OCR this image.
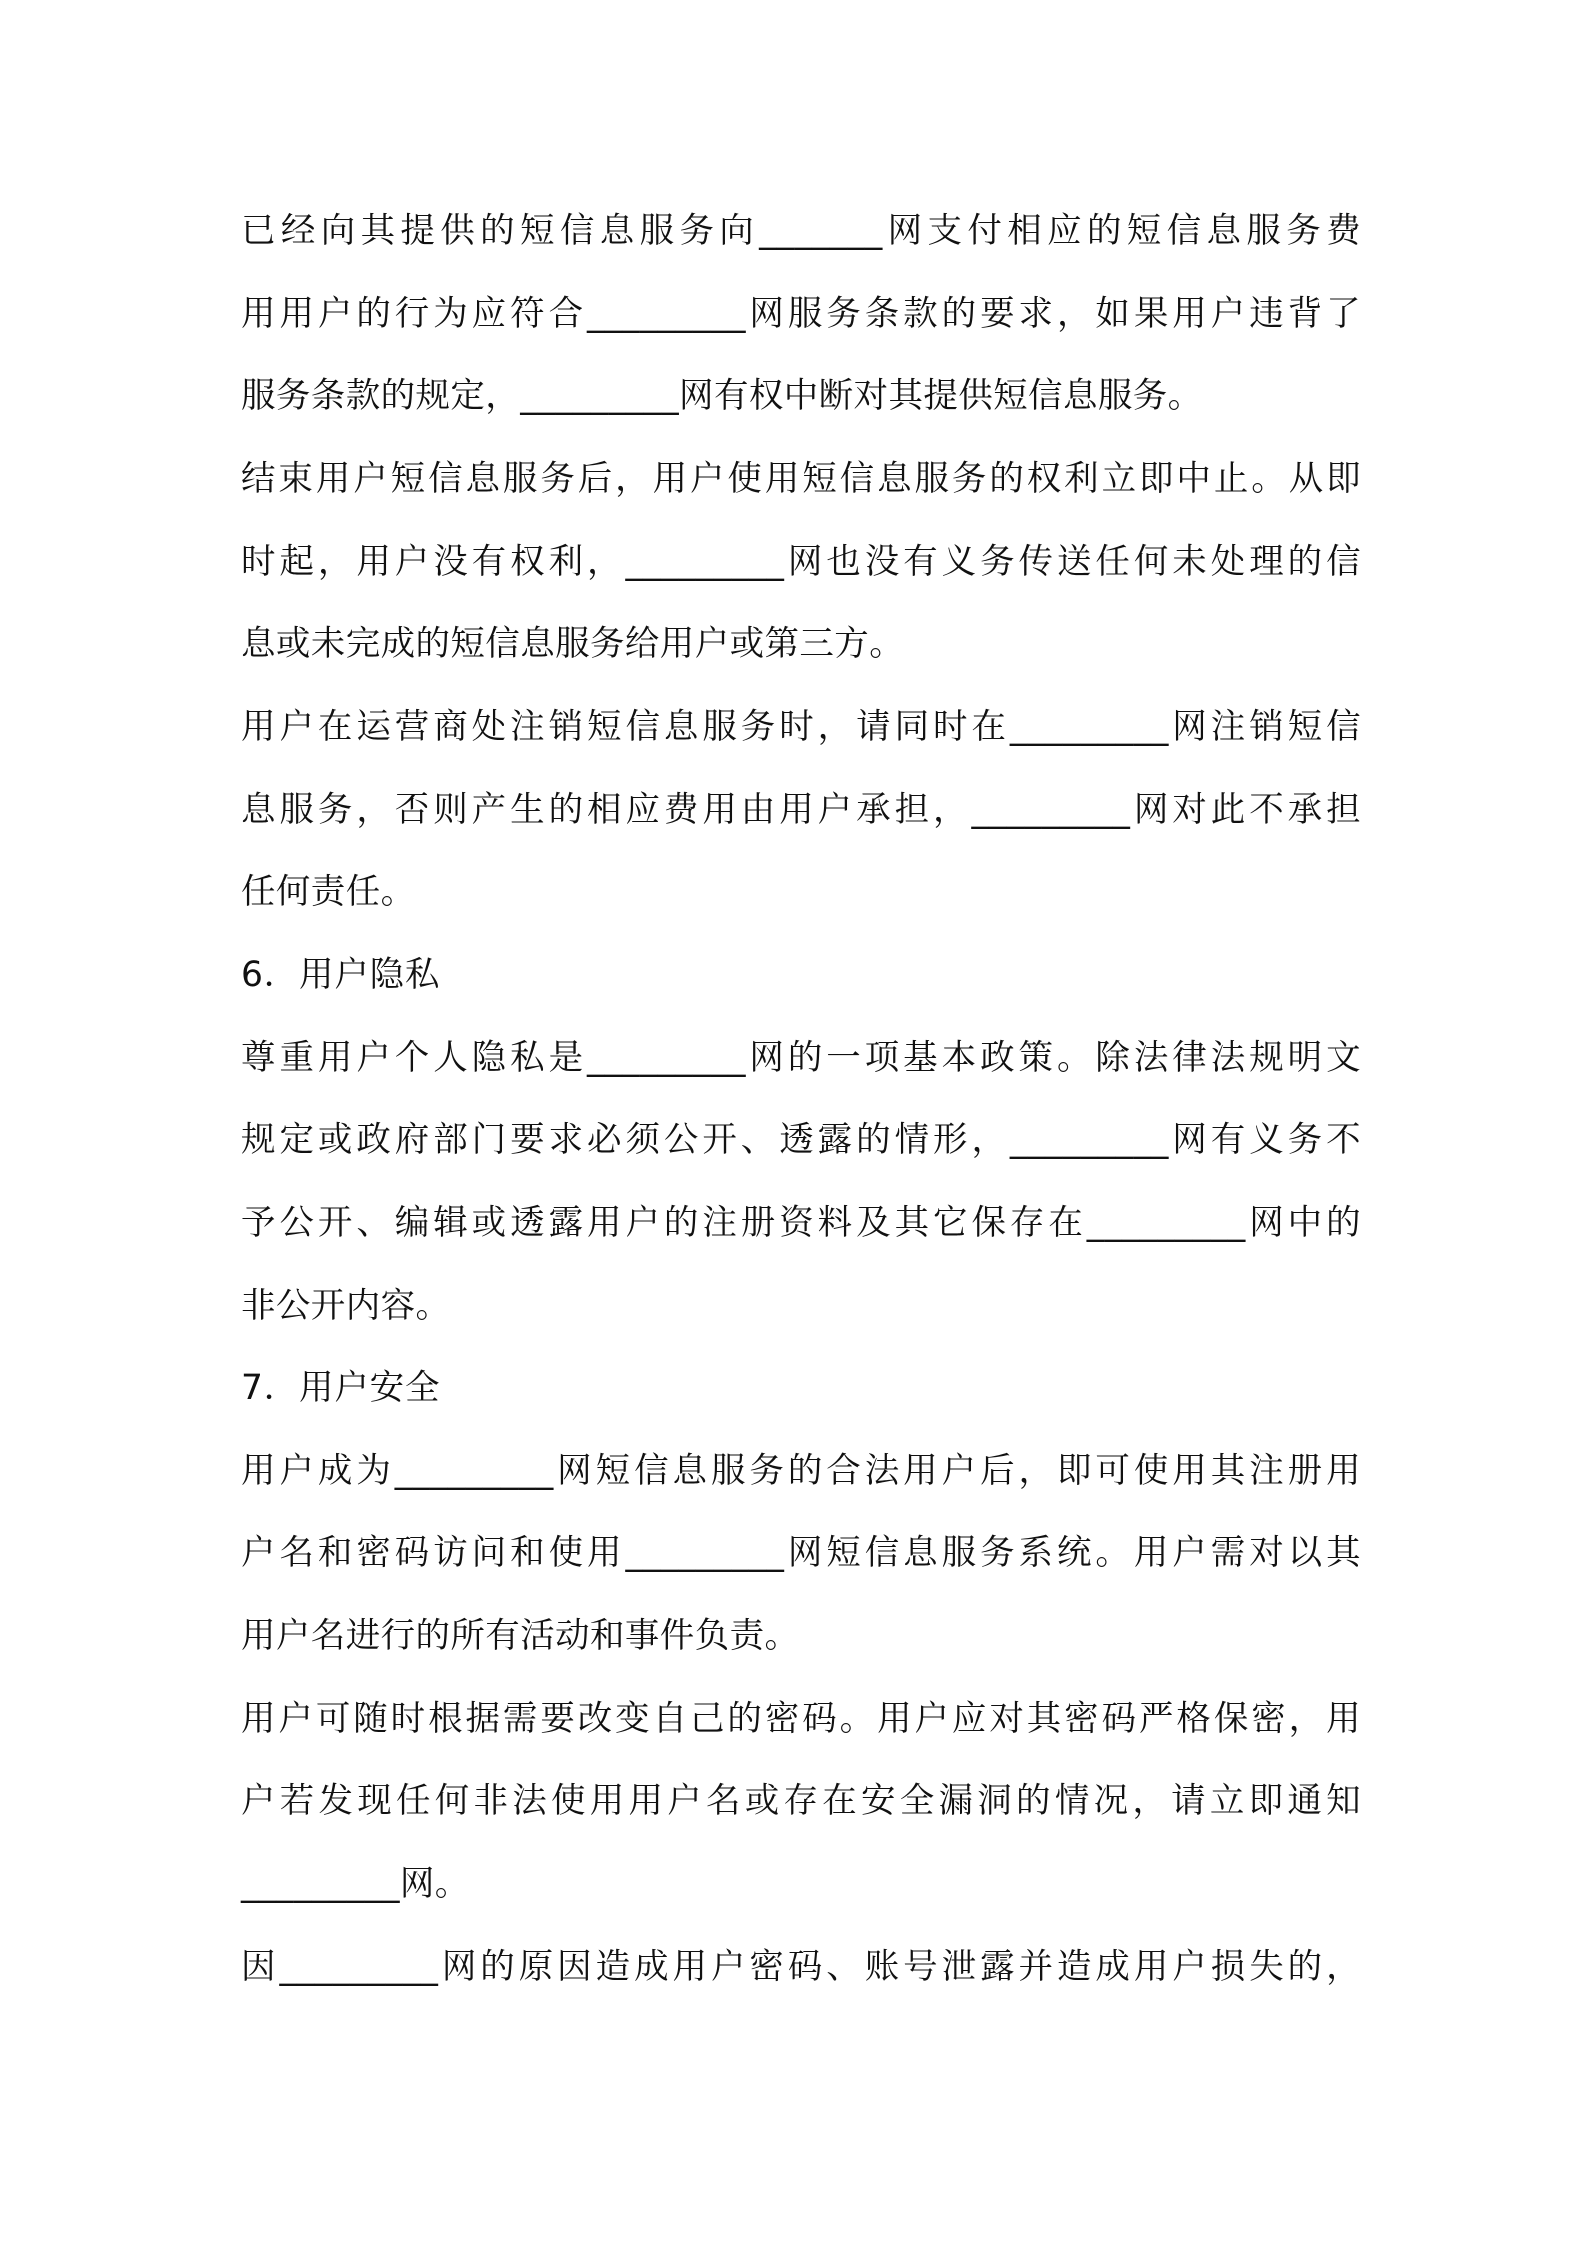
已经向其提供的短信息服务向_______网支付相应的短信息服务费

用用户的行为应符合_________网服务条款的要求，如果用户违背了

服务条款的规定，_________网有权中断对其提供短信息服务。

结束用户短信息服务后，用户使用短信息服务的权利立即中止。从即

时起，用户没有权利，_________网也没有义务传送任何未处理的信

息或未完成的短信息服务给用户或第三方。

用户在运营商处注销短信息服务时，请同时在_________网注销短信

息服务，否则产生的相应费用由用户承担，_________网对此不承担

任何责任。

6．用户隐私

尊重用户个人隐私是_________网的一项基本政策。除法律法规明文

规定或政府部门要求必须公开、透露的情形，_________网有义务不

予公开、编辑或透露用户的注册资料及其它保存在_________网中的

非公开内容。

7．用户安全

用户成为_________网短信息服务的合法用户后，即可使用其注册用

户名和密码访问和使用_________网短信息服务系统。用户需对以其

用户名进行的所有活动和事件负责。

用户可随时根据需要改变自己的密码。用户应对其密码严格保密，用

户若发现任何非法使用用户名或存在安全漏洞的情况，请立即通知

_________网。

因_________网的原因造成用户密码、账号泄露并造成用户损失的，
